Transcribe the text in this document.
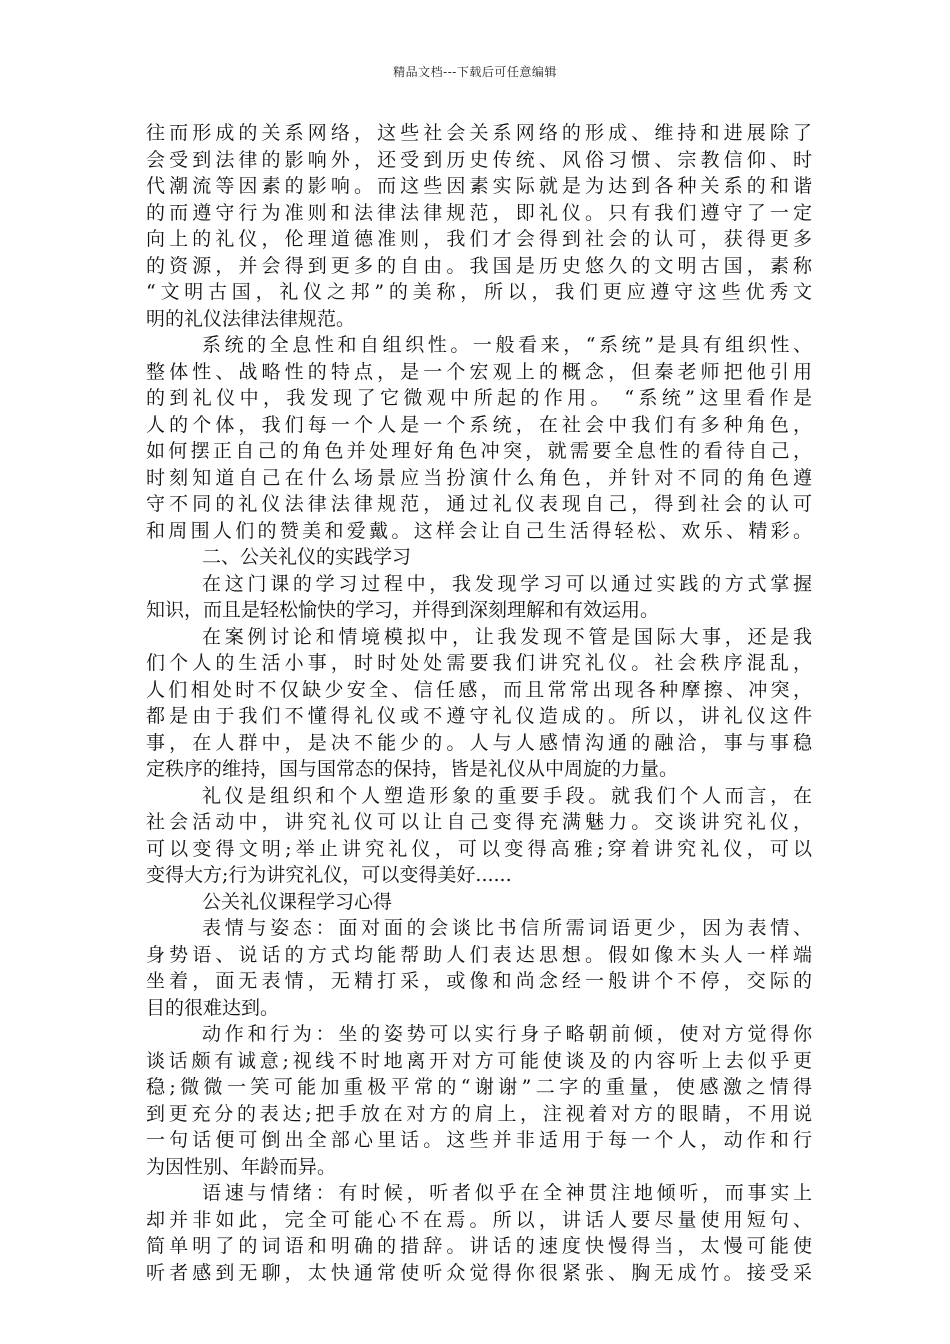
精品文档---下载后可任意编辑
往而形成的关系网络，这些社会关系网络的形成、维持和进展除了
会受到法律的影响外，还受到历史传统、风俗习惯、宗教信仰、时
代潮流等因素的影响。而这些因素实际就是为达到各种关系的和谐
的而遵守行为准则和法律法律规范，即礼仪。只有我们遵守了一定
向上的礼仪，伦理道德准则，我们才会得到社会的认可，获得更多
的资源，并会得到更多的自由。我国是历史悠久的文明古国，素称
“文明古国，礼仪之邦”的美称，所以，我们更应遵守这些优秀文
明的礼仪法律法律规范。
系统的全息性和自组织性。一般看来，“系统”是具有组织性、
整体性、战略性的特点，是一个宏观上的概念，但秦老师把他引用
的到礼仪中，我发现了它微观中所起的作用。 “系统”这里看作是
人的个体，我们每一个人是一个系统，在社会中我们有多种角色，
如何摆正自己的角色并处理好角色冲突，就需要全息性的看待自己，
时刻知道自己在什么场景应当扮演什么角色，并针对不同的角色遵
守不同的礼仪法律法律规范，通过礼仪表现自己，得到社会的认可
和周围人们的赞美和爱戴。这样会让自己生活得轻松、欢乐、精彩。
二、公关礼仪的实践学习
在这门课的学习过程中，我发现学习可以通过实践的方式掌握
知识，而且是轻松愉快的学习，并得到深刻理解和有效运用。
在案例讨论和情境模拟中，让我发现不管是国际大事，还是我
们个人的生活小事，时时处处需要我们讲究礼仪。社会秩序混乱，
人们相处时不仅缺少安全、信任感，而且常常出现各种摩擦、冲突，
都是由于我们不懂得礼仪或不遵守礼仪造成的。所以，讲礼仪这件
事，在人群中，是决不能少的。人与人感情沟通的融洽，事与事稳
定秩序的维持，国与国常态的保持，皆是礼仪从中周旋的力量。
礼仪是组织和个人塑造形象的重要手段。就我们个人而言，在
社会活动中，讲究礼仪可以让自己变得充满魅力。交谈讲究礼仪，
可以变得文明;举止讲究礼仪，可以变得高雅;穿着讲究礼仪，可以
变得大方;行为讲究礼仪，可以变得美好......
公关礼仪课程学习心得
表情与姿态：面对面的会谈比书信所需词语更少，因为表情、
身势语、说话的方式均能帮助人们表达思想。假如像木头人一样端
坐着，面无表情，无精打采，或像和尚念经一般讲个不停，交际的
目的很难达到。
动作和行为：坐的姿势可以实行身子略朝前倾，使对方觉得你
谈话颇有诚意;视线不时地离开对方可能使谈及的内容听上去似乎更
稳;微微一笑可能加重极平常的“谢谢”二字的重量，使感激之情得
到更充分的表达;把手放在对方的肩上，注视着对方的眼睛，不用说
一句话便可倒出全部心里话。这些并非适用于每一个人，动作和行
为因性别、年龄而异。
语速与情绪：有时候，听者似乎在全神贯注地倾听，而事实上
却并非如此，完全可能心不在焉。所以，讲话人要尽量使用短句、
简单明了的词语和明确的措辞。讲话的速度快慢得当，太慢可能使
听者感到无聊，太快通常使听众觉得你很紧张、胸无成竹。接受采
